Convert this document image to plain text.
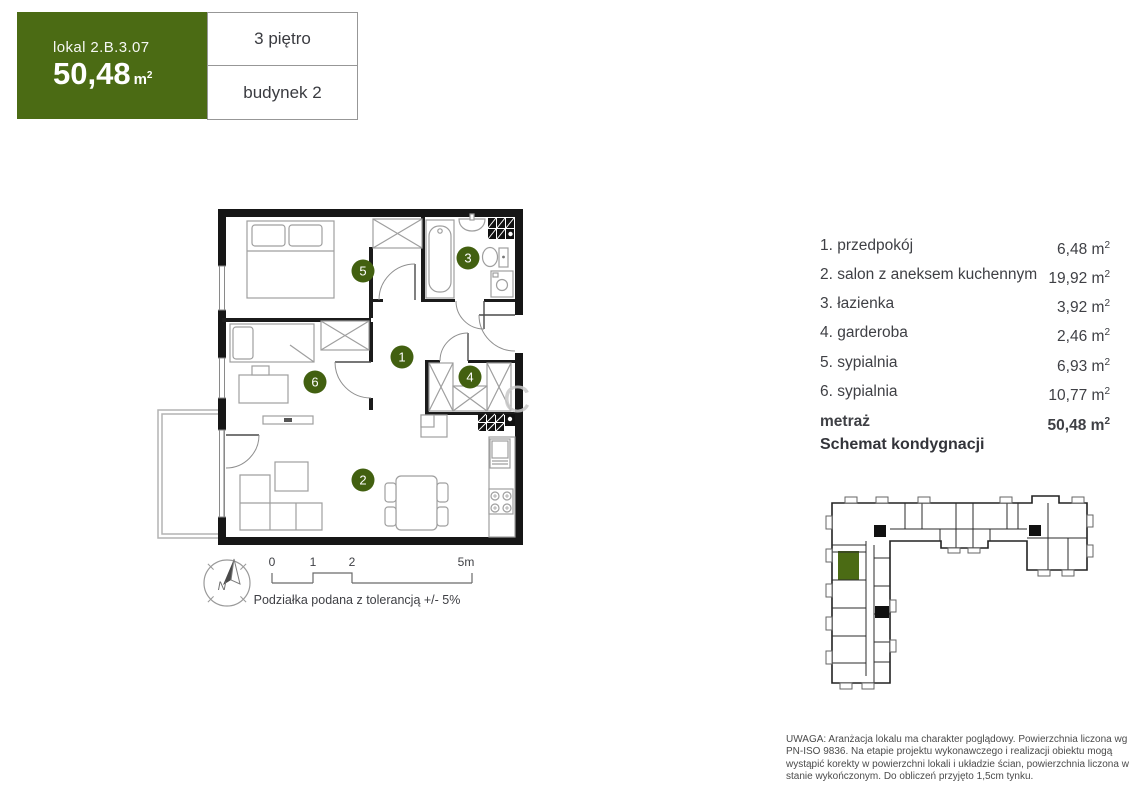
lokal 2.B.3.07
50,48 $m^2$
3 piętro
budynek 2
C
5
3
1
6	4
2
N
0	1	2	5m
Podziałka podana z tolerancją +/- 5%
1. przedpokój	6,48 $m^2$
2. salon z aneksem kuchennym 19,92 $m^2$
3. łazienka	3,92 $m^2$
4. garderoba	2,46 $m^2$
5. sypialnia	6,93 $m^2$
6. sypialnia	10,77 $m^2$
metraż	50,48 $m^2$
Schemat kondygnacji
UWAGA: Aranżacja lokalu ma charakter poglądowy. Powierzchnia liczona wg PN-ISO 9836. Na etapie projektu wykonawczego i realizacji obiektu mogą wystąpić korekty w powierzchni lokali i układzie ścian, powierzchnia liczona w stanie wykończonym. Do obliczeń przyjęto 1,5cm tynku.
